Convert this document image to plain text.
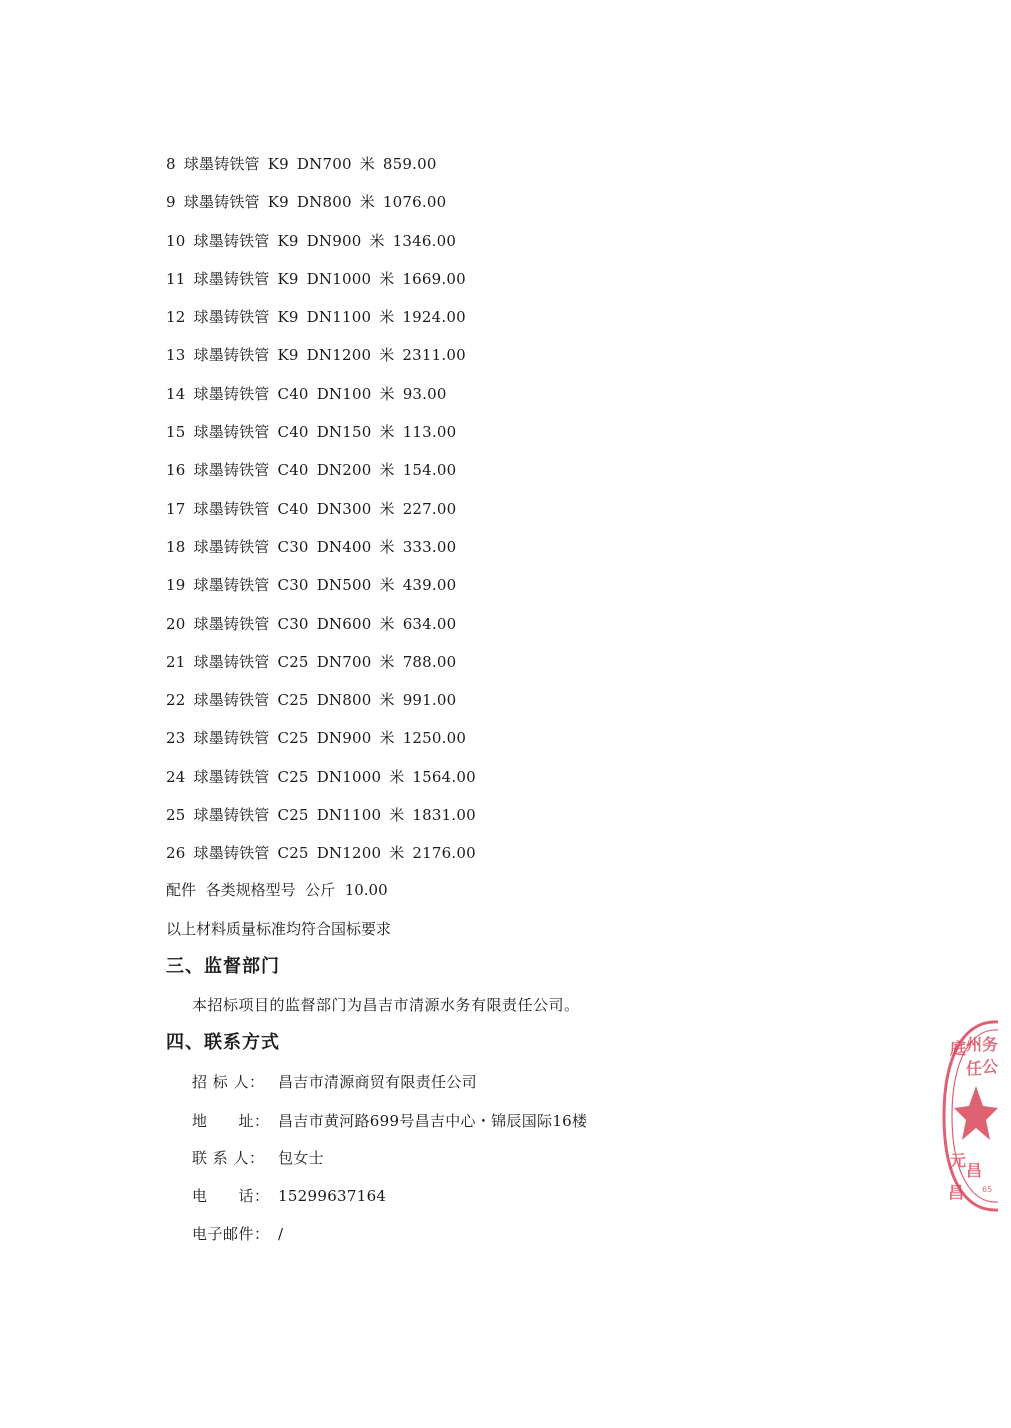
8 球墨铸铁管 K9 DN700 米 859.00
9 球墨铸铁管 K9 DN800 米 1076.00
10 球墨铸铁管 K9 DN900 米 1346.00
11 球墨铸铁管 K9 DN1000 米 1669.00
12 球墨铸铁管 K9 DN1100 米 1924.00
13 球墨铸铁管 K9 DN1200 米 2311.00
14 球墨铸铁管 C40 DN100 米 93.00
15 球墨铸铁管 C40 DN150 米 113.00
16 球墨铸铁管 C40 DN200 米 154.00
17 球墨铸铁管 C40 DN300 米 227.00
18 球墨铸铁管 C30 DN400 米 333.00
19 球墨铸铁管 C30 DN500 米 439.00
20 球墨铸铁管 C30 DN600 米 634.00
21 球墨铸铁管 C25 DN700 米 788.00
22 球墨铸铁管 C25 DN800 米 991.00
23 球墨铸铁管 C25 DN900 米 1250.00
24 球墨铸铁管 C25 DN1000 米 1564.00
25 球墨铸铁管 C25 DN1100 米 1831.00
26 球墨铸铁管 C25 DN1200 米 2176.00
配件 各类规格型号 公斤 10.00
以上材料质量标准均符合国标要求
三、监督部门
本招标项目的监督部门为昌吉市清源水务有限责任公司。
四、联系方式
招 标 人： 昌吉市清源商贸有限责任公司
地　　址： 昌吉市黄河路699号昌吉中心・锦辰国际16楼
联 系 人： 包女士
电　　话： 15299637164
电子邮件： /
庭 州 务
任 公
元
昌
昌 65
